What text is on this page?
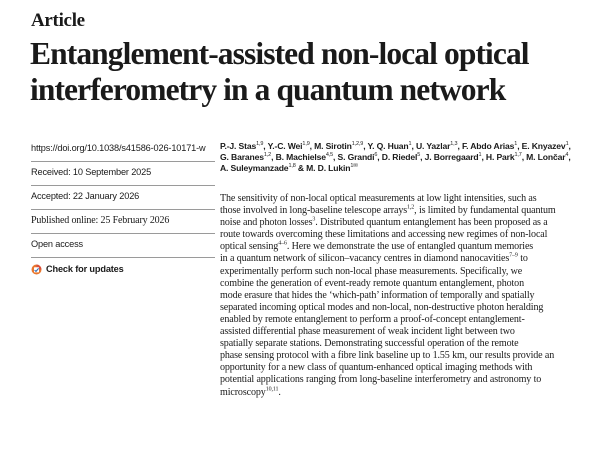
Article
Entanglement-assisted non-local optical
interferometry in a quantum network
https://doi.org/10.1038/s41586-026-10171-w
Received: 10 September 2025
Accepted: 22 January 2026
Published online: 25 February 2026
Open access
Check for updates
P.-J. Stas$^{1,9}$, Y.-C. Wei$^{1,9}$, M. Sirotin$^{1,2,9}$, Y. Q. Huan$^1$, U. Yazlar$^{1,3}$, F. Abdo Arias$^1$, E. Knyazev$^1$,
G. Baranes$^{1,2}$, B. Machielse$^{4,5}$, S. Grandi$^6$, D. Riedel$^5$, J. Borregaard$^1$, H. Park$^{1,7}$, M. Lončar$^4$,
A. Suleymanzade$^{1,8}$ & M. D. Lukin$^{1✉}$
The sensitivity of non-local optical measurements at low light intensities, such as
those involved in long-baseline telescope arrays$^{1,2}$, is limited by fundamental quantum
noise and photon losses$^3$. Distributed quantum entanglement has been proposed as a
route towards overcoming these limitations and accessing new regimes of non-local
optical sensing$^{4-6}$. Here we demonstrate the use of entangled quantum memories
in a quantum network of silicon–vacancy centres in diamond nanocavities$^{7-9}$ to
experimentally perform such non-local phase measurements. Specifically, we
combine the generation of event-ready remote quantum entanglement, photon
mode erasure that hides the ‘which-path’ information of temporally and spatially
separated incoming optical modes and non-local, non-destructive photon heralding
enabled by remote entanglement to perform a proof-of-concept entanglement-
assisted differential phase measurement of weak incident light between two
spatially separate stations. Demonstrating successful operation of the remote
phase sensing protocol with a fibre link baseline up to 1.55 km, our results provide an
opportunity for a new class of quantum-enhanced optical imaging methods with
potential applications ranging from long-baseline interferometry and astronomy to
microscopy$^{10,11}$.
